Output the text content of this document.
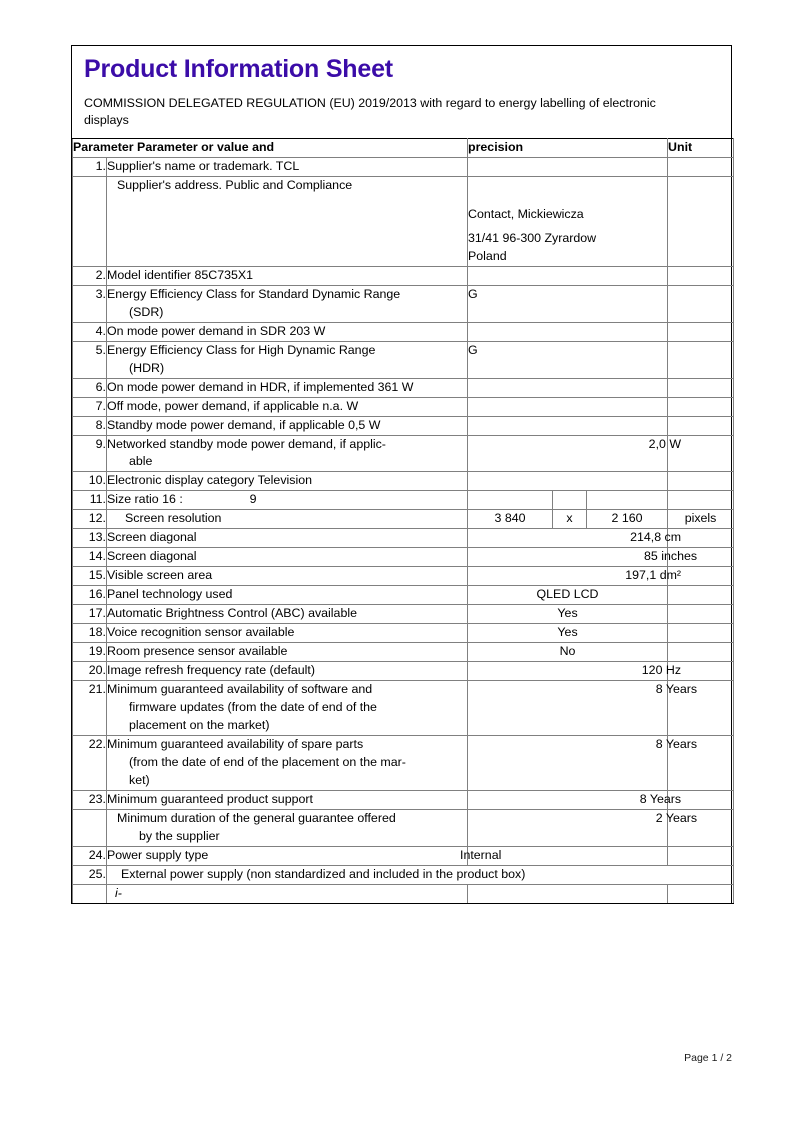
Product Information Sheet

COMMISSION DELEGATED REGULATION (EU) 2019/2013 with regard to energy labelling of electronic displays

Parameter Parameter or value and		precision			Unit
1.	Supplier's name or trademark. TCL				
	Supplier's address. Public and Compliance	Contact, Mickiewicza
31/41 96-300 Zyrardow
Poland			

2.	Model identifier 85C735X1				
3.	Energy Efficiency Class for Standard Dynamic Range
(SDR)	G			
4.	On mode power demand in SDR 203 W				
5.	Energy Efficiency Class for High Dynamic Range
(HDR)	G			
6.	On mode power demand in HDR, if implemented 361 W				
7.	Off mode, power demand, if applicable n.a. W				
8.	Standby mode power demand, if applicable 0,5 W				
9.	Networked standby mode power demand, if applic-
able	2,0 W			
10.	Electronic display category Television				
11.	Size ratio 16 : 9				
12.	Screen resolution	3 840	x	2 160	pixels
13.	Screen diagonal	214,8 cm			
14.	Screen diagonal	85 inches			
15.	Visible screen area	197,1 dm²			
16.	Panel technology used	QLED LCD			
17.	Automatic Brightness Control (ABC) available	Yes			
18.	Voice recognition sensor available	Yes			
19.	Room presence sensor available	No			
20.	Image refresh frequency rate (default)	120 Hz			
21.	Minimum guaranteed availability of software and
firmware updates (from the date of end of the
placement on the market)	8 Years			
22.	Minimum guaranteed availability of spare parts
(from the date of end of the placement on the mar-
ket)	8 Years			
23.	Minimum guaranteed product support	8 Years			
	Minimum duration of the general guarantee offered
by the supplier	2 Years			
24.	Power supply type	Internal			
25.	External power supply (non standardized and included in the product box)				
	i-				
Page 1 / 2
